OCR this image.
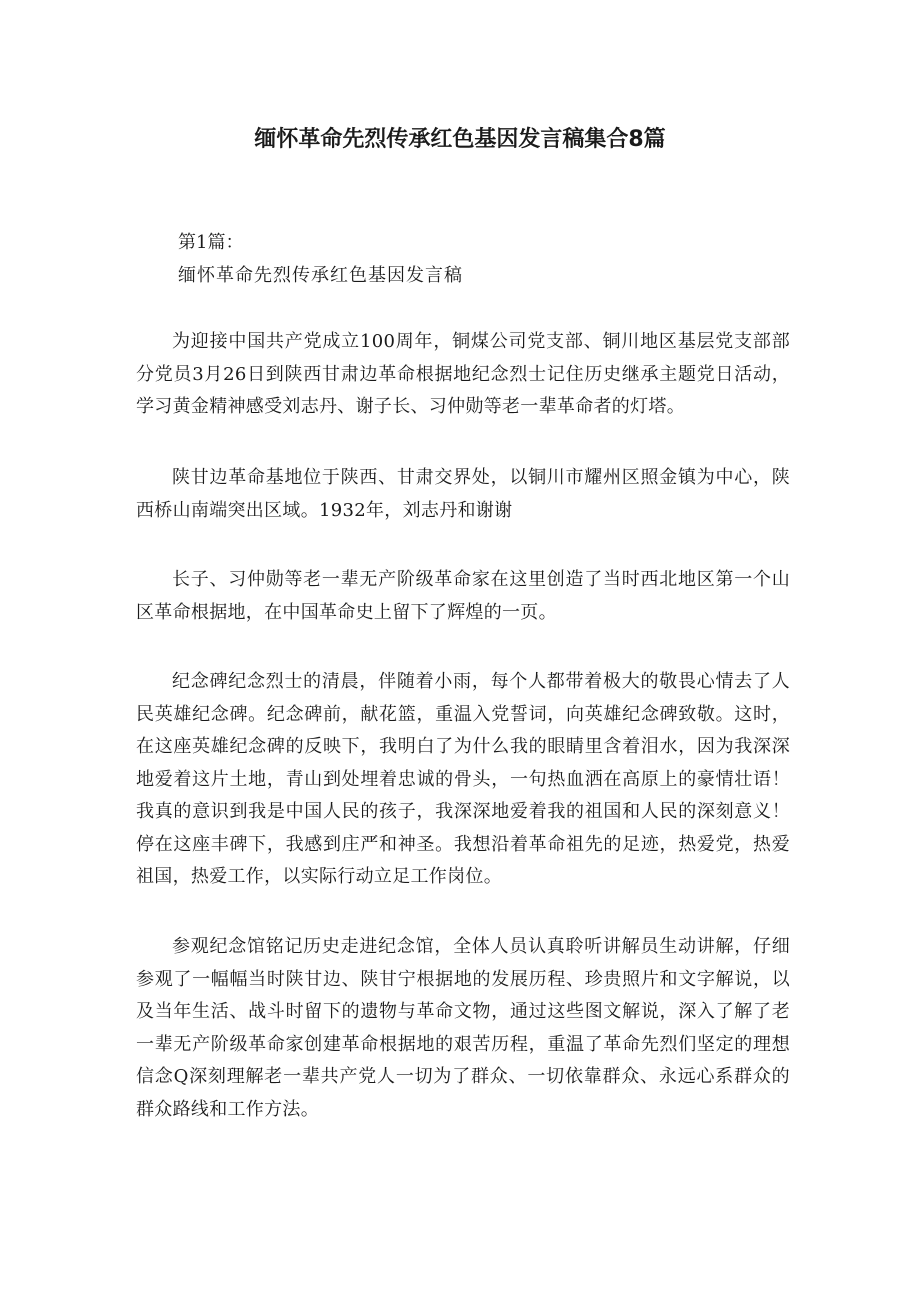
缅怀革命先烈传承红色基因发言稿集合8篇

第1篇：

缅怀革命先烈传承红色基因发言稿

为迎接中国共产党成立100周年，铜煤公司党支部、铜川地区基层党支部部分党员3月26日到陕西甘肃边革命根据地纪念烈士记住历史继承主题党日活动，学习黄金精神感受刘志丹、谢子长、习仲勋等老一辈革命者的灯塔。

陕甘边革命基地位于陕西、甘肃交界处，以铜川市耀州区照金镇为中心，陕西桥山南端突出区域。1932年，刘志丹和谢谢

长子、习仲勋等老一辈无产阶级革命家在这里创造了当时西北地区第一个山区革命根据地，在中国革命史上留下了辉煌的一页。

纪念碑纪念烈士的清晨，伴随着小雨，每个人都带着极大的敬畏心情去了人民英雄纪念碑。纪念碑前，献花篮，重温入党誓词，向英雄纪念碑致敬。这时，在这座英雄纪念碑的反映下，我明白了为什么我的眼睛里含着泪水，因为我深深地爱着这片土地，青山到处埋着忠诚的骨头，一句热血洒在高原上的豪情壮语！我真的意识到我是中国人民的孩子，我深深地爱着我的祖国和人民的深刻意义！停在这座丰碑下，我感到庄严和神圣。我想沿着革命祖先的足迹，热爱党，热爱祖国，热爱工作，以实际行动立足工作岗位。

参观纪念馆铭记历史走进纪念馆，全体人员认真聆听讲解员生动讲解，仔细参观了一幅幅当时陕甘边、陕甘宁根据地的发展历程、珍贵照片和文字解说，以及当年生活、战斗时留下的遗物与革命文物，通过这些图文解说，深入了解了老一辈无产阶级革命家创建革命根据地的艰苦历程，重温了革命先烈们坚定的理想信念Q深刻理解老一辈共产党人一切为了群众、一切依靠群众、永远心系群众的群众路线和工作方法。
